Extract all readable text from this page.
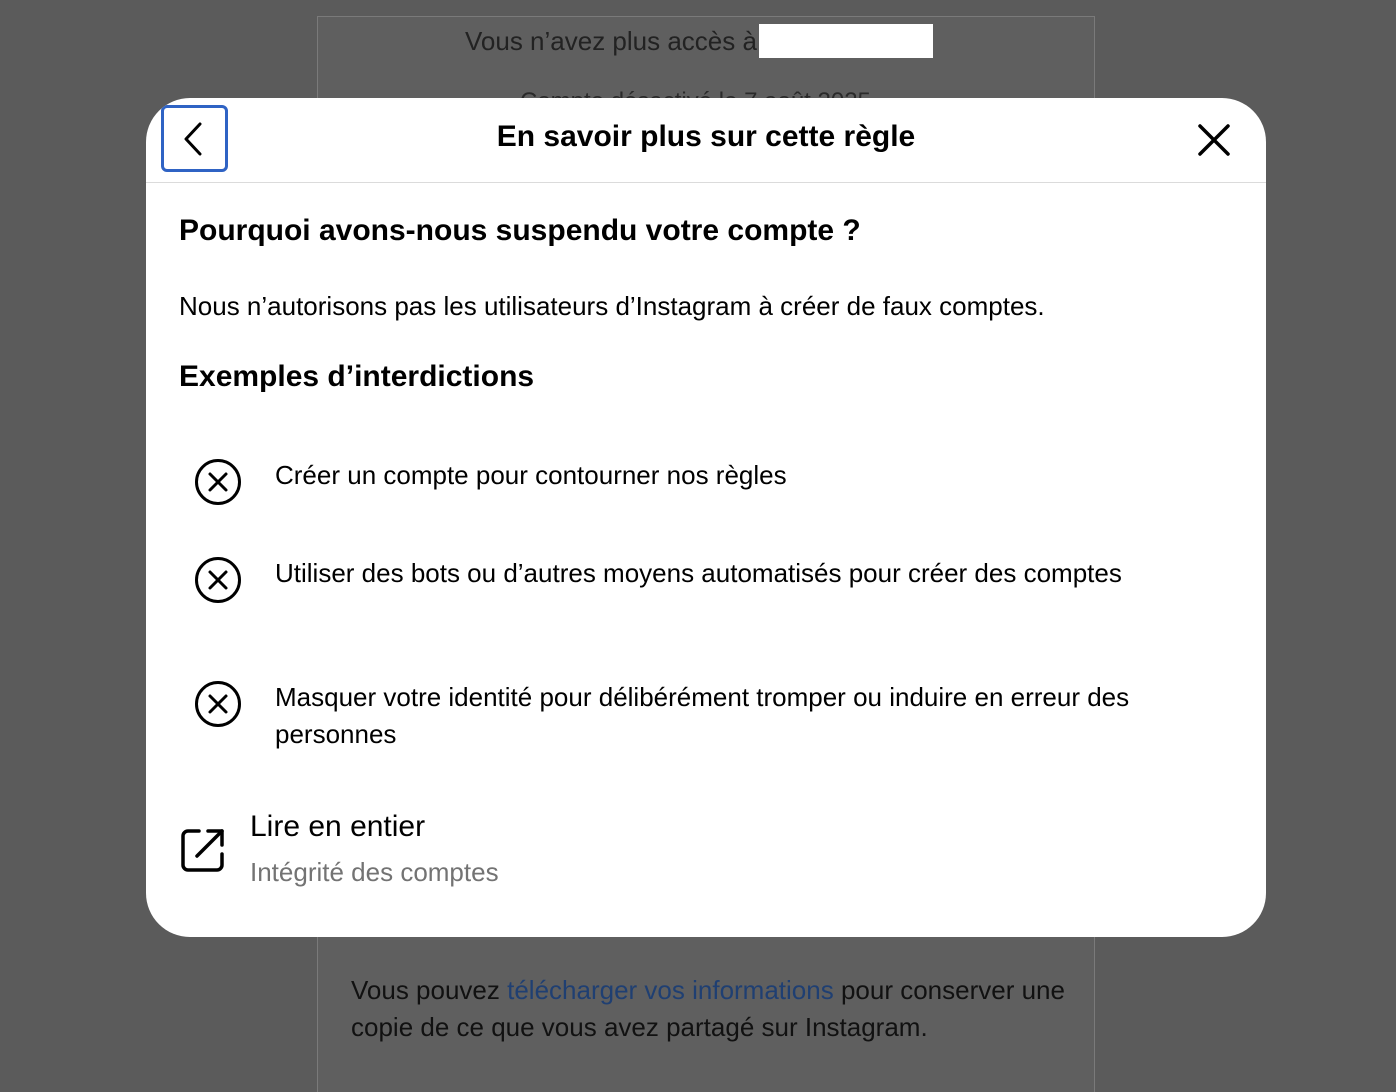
Vous n’avez plus accès à
Vous pouvez télécharger vos informations pour conserver une copie de ce que vous avez partagé sur Instagram.
En savoir plus sur cette règle
Pourquoi avons-nous suspendu votre compte ?
Nous n’autorisons pas les utilisateurs d’Instagram à créer de faux comptes.
Exemples d’interdictions
Créer un compte pour contourner nos règles
Utiliser des bots ou d’autres moyens automatisés pour créer des comptes
Masquer votre identité pour délibérément tromper ou induire en erreur des personnes
Lire en entier
Intégrité des comptes
